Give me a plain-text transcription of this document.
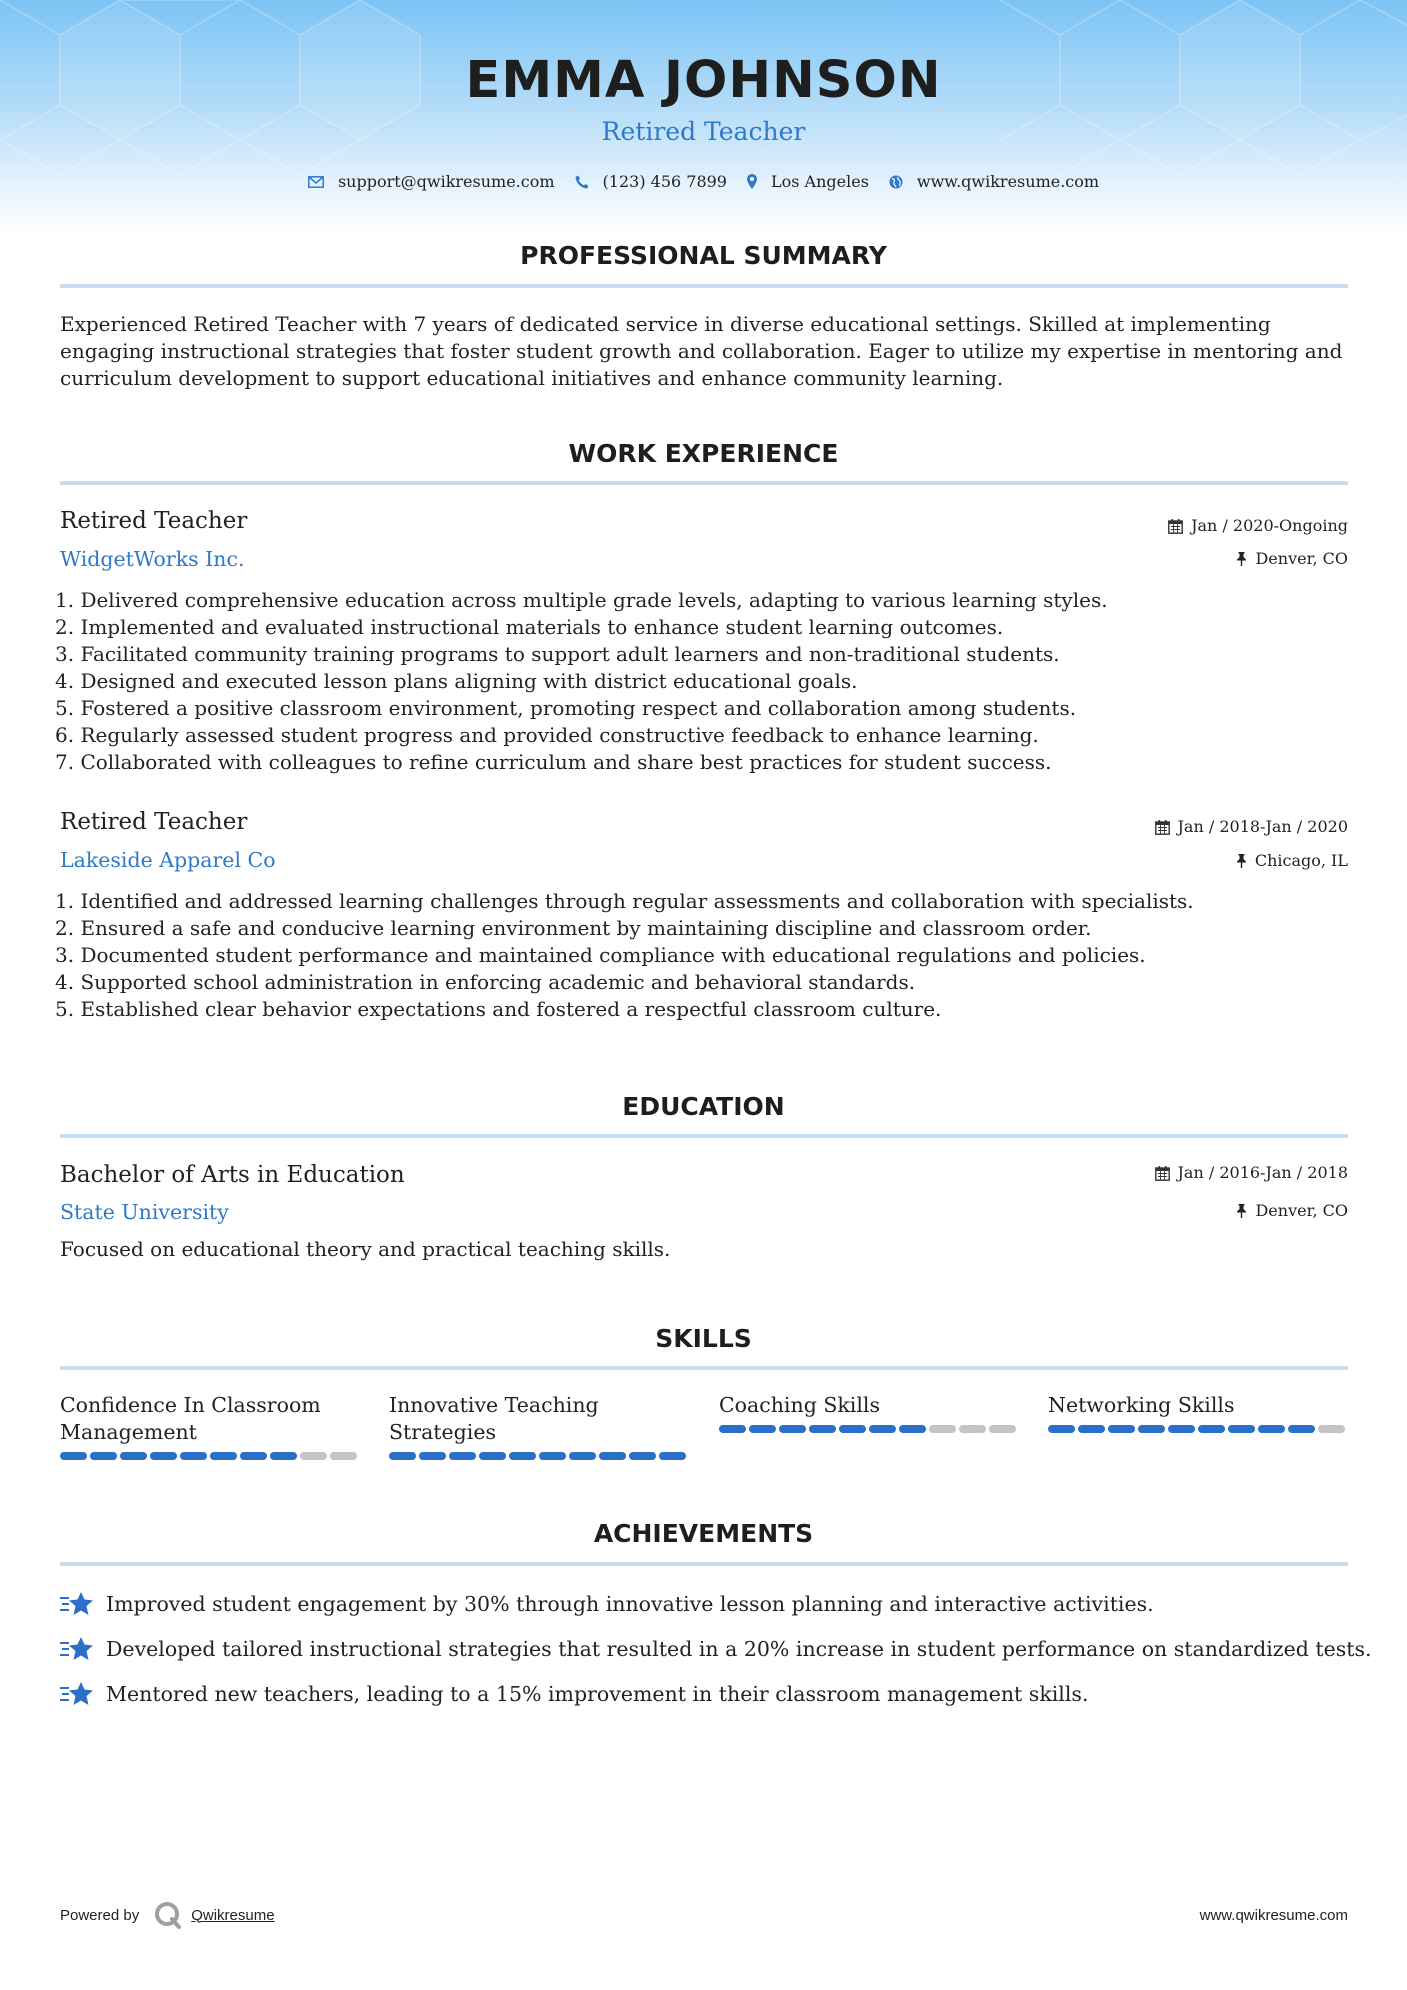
EMMA JOHNSON
Retired Teacher
support@qwikresume.com	(123) 456 7899	Los Angeles	www.qwikresume.com
PROFESSIONAL SUMMARY
Experienced Retired Teacher with 7 years of dedicated service in diverse educational settings. Skilled at implementing engaging instructional strategies that foster student growth and collaboration. Eager to utilize my expertise in mentoring and curriculum development to support educational initiatives and enhance community learning.
WORK EXPERIENCE
Retired Teacher
WidgetWorks Inc.
Jan / 2020-Ongoing
Denver, CO
1. Delivered comprehensive education across multiple grade levels, adapting to various learning styles.
2. Implemented and evaluated instructional materials to enhance student learning outcomes.
3. Facilitated community training programs to support adult learners and non-traditional students.
4. Designed and executed lesson plans aligning with district educational goals.
5. Fostered a positive classroom environment, promoting respect and collaboration among students.
6. Regularly assessed student progress and provided constructive feedback to enhance learning.
7. Collaborated with colleagues to refine curriculum and share best practices for student success.
Retired Teacher
Lakeside Apparel Co
Jan / 2018-Jan / 2020
Chicago, IL
1. Identified and addressed learning challenges through regular assessments and collaboration with specialists.
2. Ensured a safe and conducive learning environment by maintaining discipline and classroom order.
3. Documented student performance and maintained compliance with educational regulations and policies.
4. Supported school administration in enforcing academic and behavioral standards.
5. Established clear behavior expectations and fostered a respectful classroom culture.
EDUCATION
Bachelor of Arts in Education
State University
Jan / 2016-Jan / 2018
Denver, CO
Focused on educational theory and practical teaching skills.
SKILLS
Confidence In Classroom Management
Innovative Teaching Strategies
Coaching Skills	Networking Skills
ACHIEVEMENTS
Improved student engagement by 30% through innovative lesson planning and interactive activities.
Developed tailored instructional strategies that resulted in a 20% increase in student performance on standardized tests.
Mentored new teachers, leading to a 15% improvement in their classroom management skills.
Powered by	Qwikresume	www.qwikresume.com
